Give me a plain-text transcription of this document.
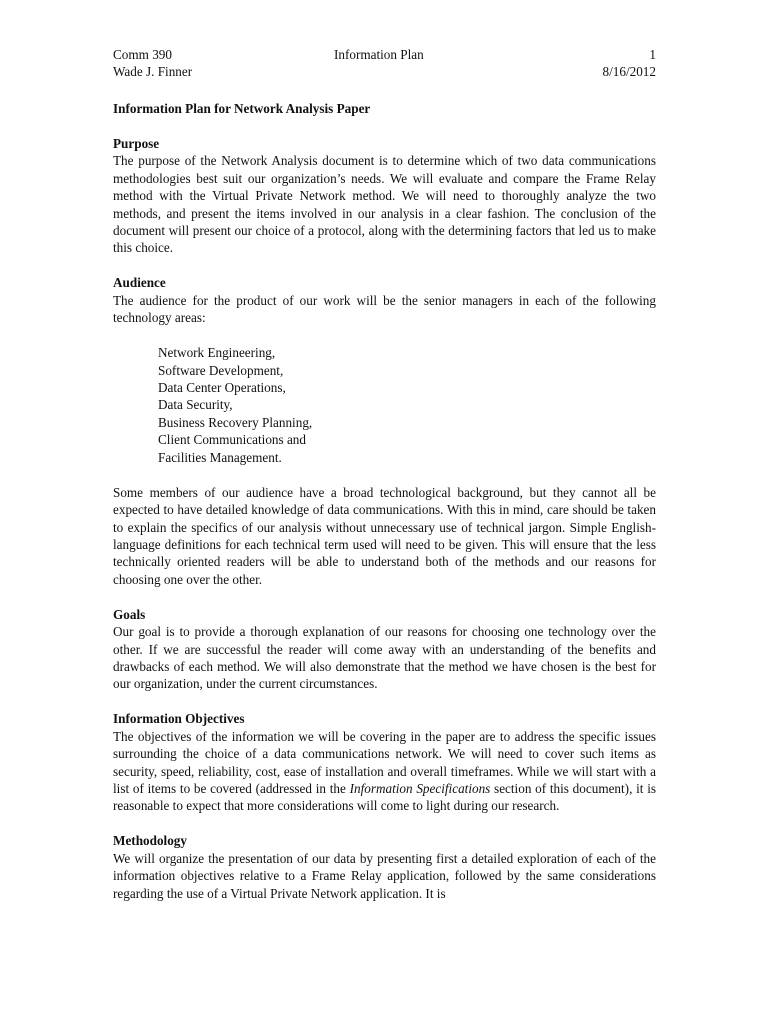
Comm 390	Information Plan	1
Wade J. Finner	8/16/2012
Information Plan for Network Analysis Paper
Purpose

The purpose of the Network Analysis document is to determine which of two data communications methodologies best suit our organization’s needs. We will evaluate and compare the Frame Relay method with the Virtual Private Network method. We will need to thoroughly analyze the two methods, and present the items involved in our analysis in a clear fashion. The conclusion of the document will present our choice of a protocol, along with the determining factors that led us to make this choice.

Audience

The audience for the product of our work will be the senior managers in each of the following technology areas:

Network Engineering,
Software Development,
Data Center Operations,
Data Security,
Business Recovery Planning,
Client Communications and
Facilities Management.

Some members of our audience have a broad technological background, but they cannot all be expected to have detailed knowledge of data communications. With this in mind, care should be taken to explain the specifics of our analysis without unnecessary use of technical jargon. Simple English-language definitions for each technical term used will need to be given. This will ensure that the less technically oriented readers will be able to understand both of the methods and our reasons for choosing one over the other.

Goals

Our goal is to provide a thorough explanation of our reasons for choosing one technology over the other. If we are successful the reader will come away with an understanding of the benefits and drawbacks of each method. We will also demonstrate that the method we have chosen is the best for our organization, under the current circumstances.

Information Objectives

The objectives of the information we will be covering in the paper are to address the specific issues surrounding the choice of a data communications network. We will need to cover such items as security, speed, reliability, cost, ease of installation and overall timeframes. While we will start with a list of items to be covered (addressed in the Information Specifications section of this document), it is reasonable to expect that more considerations will come to light during our research.

Methodology

We will organize the presentation of our data by presenting first a detailed exploration of each of the information objectives relative to a Frame Relay application, followed by the same considerations regarding the use of a Virtual Private Network application. It is
